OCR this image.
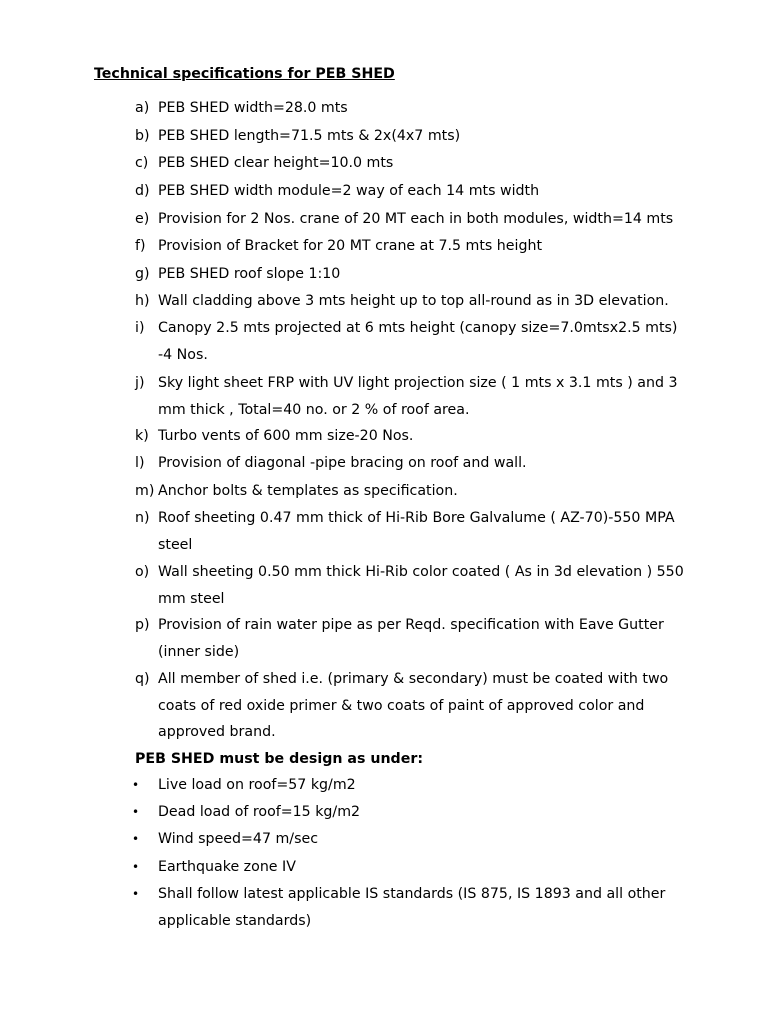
Technical specifications for PEB SHED
a) PEB SHED width=28.0 mts
b) PEB SHED length=71.5 mts & 2x(4x7 mts)
c) PEB SHED clear height=10.0 mts
d) PEB SHED width module=2 way of each 14 mts width
e) Provision for 2 Nos. crane of 20 MT each in both modules, width=14 mts
f) Provision of Bracket for 20 MT crane at 7.5 mts height
g) PEB SHED roof slope 1:10
h) Wall cladding above 3 mts height up to top all-round as in 3D elevation.
i) Canopy 2.5 mts projected at 6 mts height (canopy size=7.0mtsx2.5 mts)
-4 Nos.
j) Sky light sheet FRP with UV light projection size ( 1 mts x 3.1 mts ) and 3
mm thick , Total=40 no. or 2 % of roof area.
k) Turbo vents of 600 mm size-20 Nos.
l) Provision of diagonal -pipe bracing on roof and wall.
m) Anchor bolts & templates as specification.
n) Roof sheeting 0.47 mm thick of Hi-Rib Bore Galvalume ( AZ-70)-550 MPA
steel
o) Wall sheeting 0.50 mm thick Hi-Rib color coated ( As in 3d elevation ) 550
mm steel
p) Provision of rain water pipe as per Reqd. specification with Eave Gutter
(inner side)
q) All member of shed i.e. (primary & secondary) must be coated with two
coats of red oxide primer & two coats of paint of approved color and
approved brand.
PEB SHED must be design as under:
•	Live load on roof=57 kg/m2
•	Dead load of roof=15 kg/m2
•	Wind speed=47 m/sec
•	Earthquake zone IV
•	Shall follow latest applicable IS standards (IS 875, IS 1893 and all other
applicable standards)
